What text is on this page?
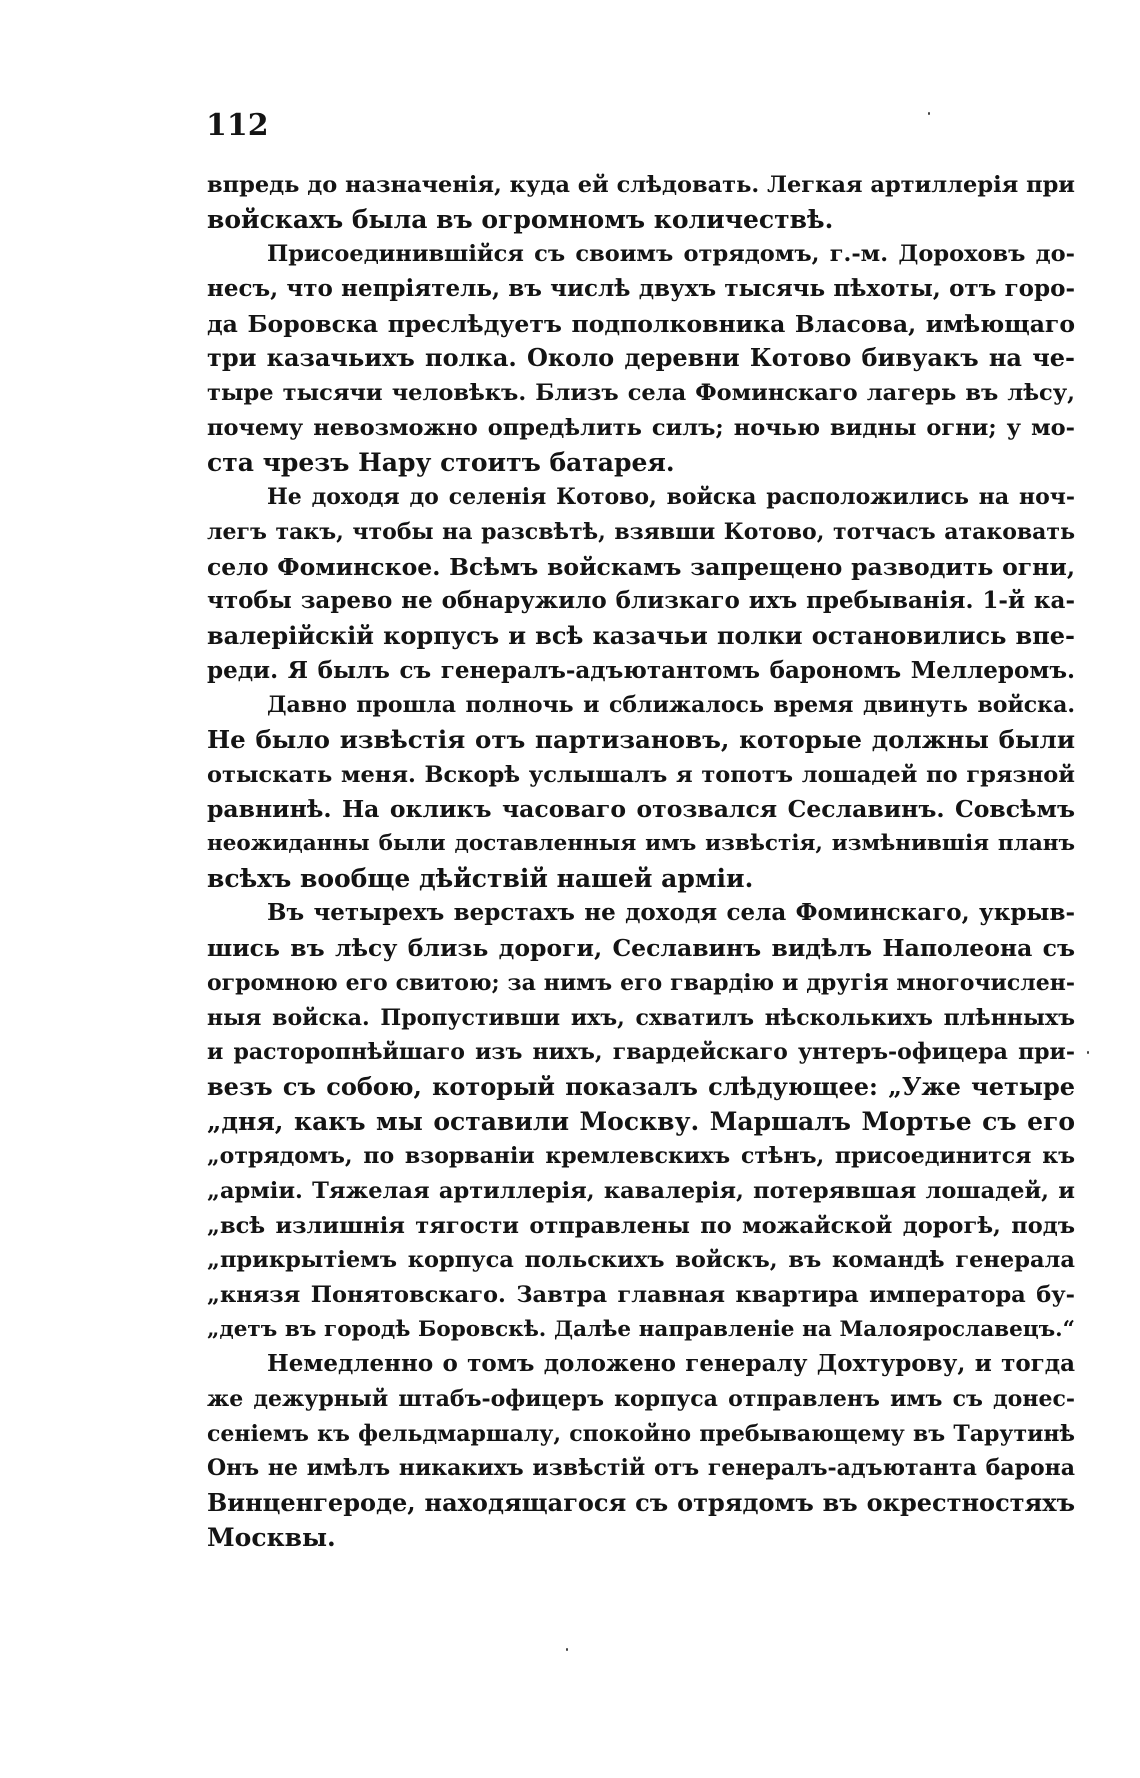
112
впредь до назначенія, куда ей слѣдовать. Легкая артиллерія при
войскахъ была въ огромномъ количествѣ.
Присоединившійся съ своимъ отрядомъ, г.-м. Дороховъ до-
несъ, что непріятель, въ числѣ двухъ тысячь пѣхоты, отъ горо-
да Боровска преслѣдуетъ подполковника Власова, имѣющаго
три казачьихъ полка. Около деревни Котово бивуакъ на че-
тыре тысячи человѣкъ. Близъ села Фоминскаго лагерь въ лѣсу,
почему невозможно опредѣлить силъ; ночью видны огни; у мо-
ста чрезъ Нару стоитъ батарея.
Не доходя до селенія Котово, войска расположились на ноч-
легъ такъ, чтобы на разсвѣтѣ, взявши Котово, тотчасъ атаковать
село Фоминское. Всѣмъ войскамъ запрещено разводить огни,
чтобы зарево не обнаружило близкаго ихъ пребыванія. 1-й ка-
валерійскій корпусъ и всѣ казачьи полки остановились впе-
реди. Я былъ съ генералъ-адъютантомъ барономъ Меллеромъ.
Давно прошла полночь и сближалось время двинуть войска.
Не было извѣстія отъ партизановъ, которые должны были
отыскать меня. Вскорѣ услышалъ я топотъ лошадей по грязной
равнинѣ. На окликъ часоваго отозвался Сеславинъ. Совсѣмъ
неожиданны были доставленныя имъ извѣстія, измѣнившія планъ
всѣхъ вообще дѣйствій нашей арміи.
Въ четырехъ верстахъ не доходя села Фоминскаго, укрыв-
шись въ лѣсу близь дороги, Сеславинъ видѣлъ Наполеона съ
огромною его свитою; за нимъ его гвардію и другія многочислен-
ныя войска. Пропустивши ихъ, схватилъ нѣсколькихъ плѣнныхъ
и расторопнѣйшаго изъ нихъ, гвардейскаго унтеръ-офицера при-
везъ съ собою, который показалъ слѣдующее: „Уже четыре
„дня, какъ мы оставили Москву. Маршалъ Мортье съ его
„отрядомъ, по взорваніи кремлевскихъ стѣнъ, присоединится къ
„арміи. Тяжелая артиллерія, кавалерія, потерявшая лошадей, и
„всѣ излишнія тягости отправлены по можайской дорогѣ, подъ
„прикрытіемъ корпуса польскихъ войскъ, въ командѣ генерала
„князя Понятовскаго. Завтра главная квартира императора бу-
„детъ въ городѣ Боровскѣ. Далѣе направленіе на Малоярославецъ.“
Немедленно о томъ доложено генералу Дохтурову, и тогда
же дежурный штабъ-офицеръ корпуса отправленъ имъ съ донес-
сеніемъ къ фельдмаршалу, спокойно пребывающему въ Тарутинѣ
Онъ не имѣлъ никакихъ извѣстій отъ генералъ-адъютанта барона
Винценгероде, находящагося съ отрядомъ въ окрестностяхъ
Москвы.
